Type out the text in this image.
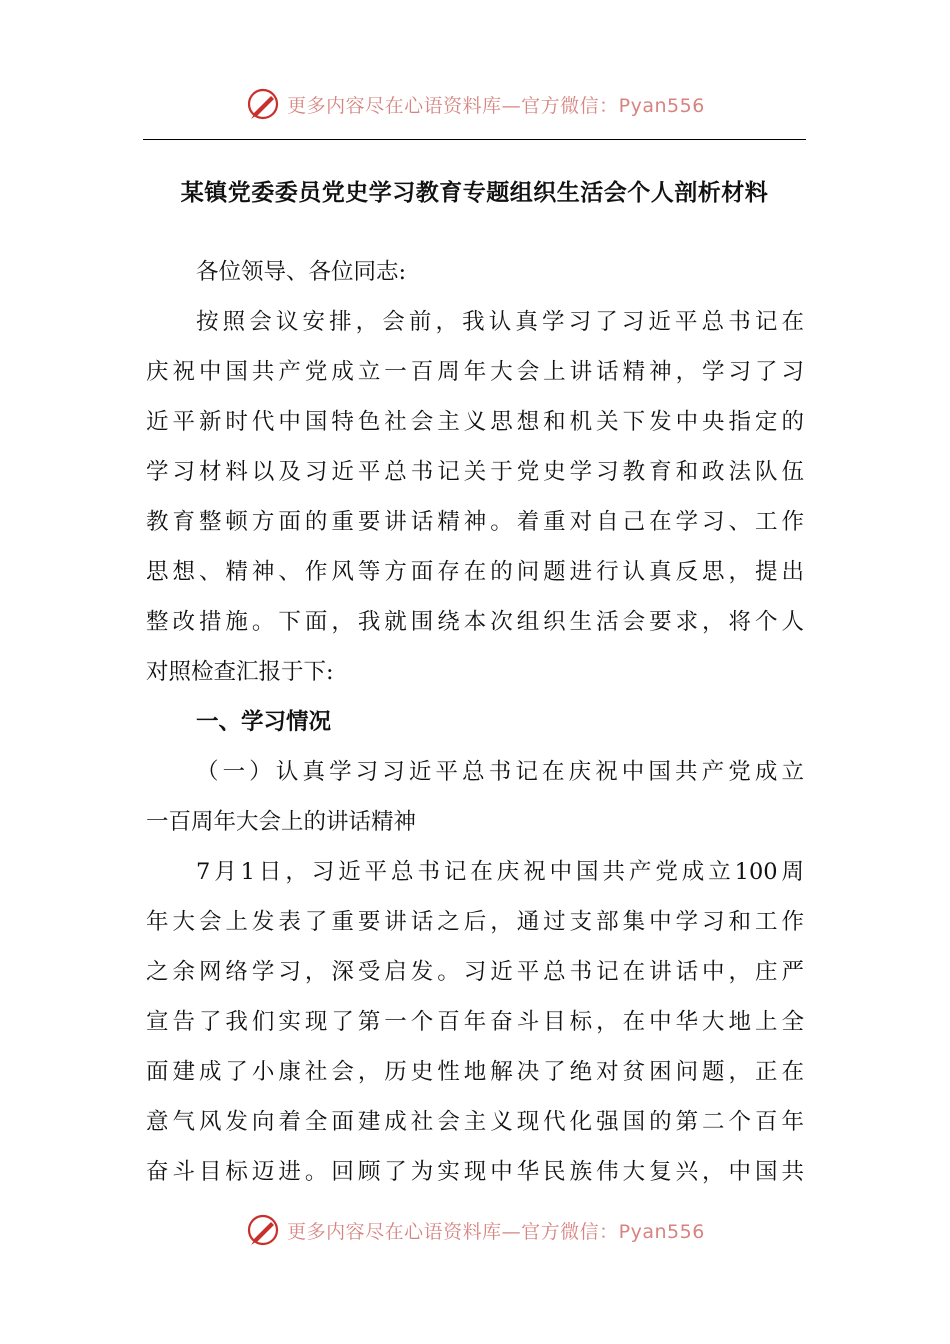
更多内容尽在心语资料库—官方微信：Pyan556
某镇党委委员党史学习教育专题组织生活会个人剖析材料
各位领导、各位同志:
按照会议安排，会前，我认真学习了习近平总书记在
庆祝中国共产党成立一百周年大会上讲话精神，学习了习
近平新时代中国特色社会主义思想和机关下发中央指定的
学习材料以及习近平总书记关于党史学习教育和政法队伍
教育整顿方面的重要讲话精神。着重对自己在学习、工作
思想、精神、作风等方面存在的问题进行认真反思，提出
整改措施。下面，我就围绕本次组织生活会要求，将个人
对照检查汇报于下:
一、学习情况
（一）认真学习习近平总书记在庆祝中国共产党成立
一百周年大会上的讲话精神
7月1日，习近平总书记在庆祝中国共产党成立100周
年大会上发表了重要讲话之后，通过支部集中学习和工作
之余网络学习，深受启发。习近平总书记在讲话中，庄严
宣告了我们实现了第一个百年奋斗目标，在中华大地上全
面建成了小康社会，历史性地解决了绝对贫困问题，正在
意气风发向着全面建成社会主义现代化强国的第二个百年
奋斗目标迈进。回顾了为实现中华民族伟大复兴，中国共
更多内容尽在心语资料库—官方微信：Pyan556
